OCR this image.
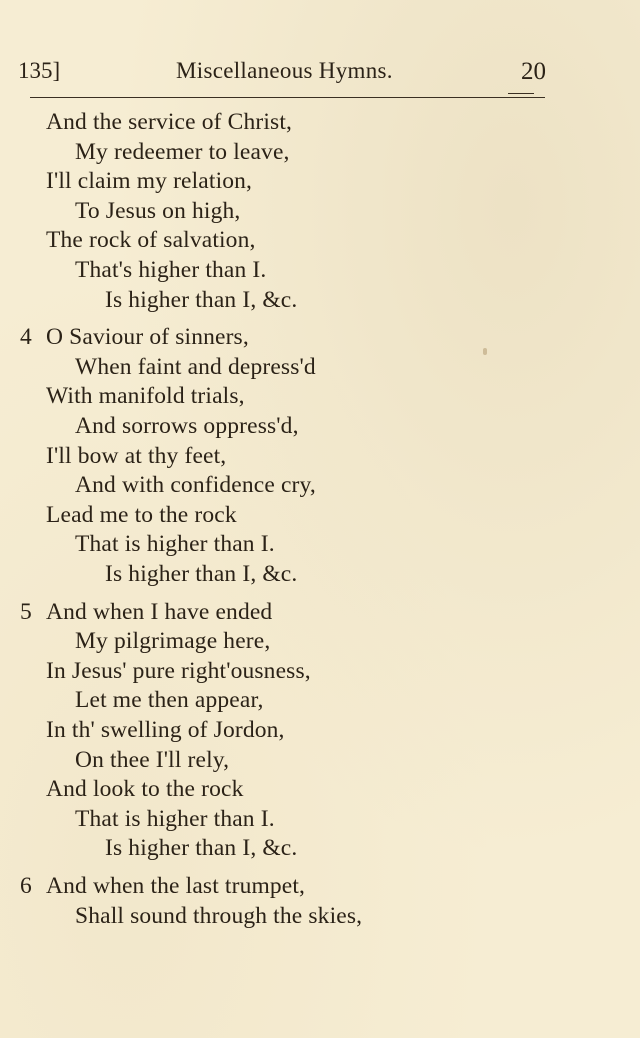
135]	Miscellaneous Hymns.	20
And the service of Christ,
My redeemer to leave,
I'll claim my relation,
To Jesus on high,
The rock of salvation,
That's higher than I.
Is higher than I, &c.
4 O Saviour of sinners,
When faint and depress'd
With manifold trials,
And sorrows oppress'd,
I'll bow at thy feet,
And with confidence cry,
Lead me to the rock
That is higher than I.
Is higher than I, &c.
5 And when I have ended
My pilgrimage here,
In Jesus' pure right'ousness,
Let me then appear,
In th' swelling of Jordon,
On thee I'll rely,
And look to the rock
That is higher than I.
Is higher than I, &c.
6 And when the last trumpet,
Shall sound through the skies,
